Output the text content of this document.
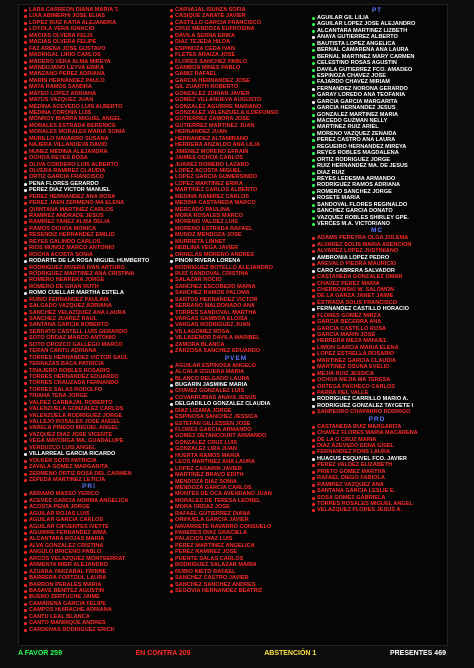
LARA CARREON DIANA MARIA T.
LIXA ABIMERHI JOSE ELIAS
LOPEZ RUIZ KATIA ALEJANDRA
LOYOLA VERA IGNACIO
MACIAS OLVERA FELIX
MACIAS OLVERA FELIPE
FAZ ARENA JOSE GUSTAVO
MADRIGAL LIRIO CARLOS
MADERO VERA ALMA MIREYA
MANDUJANO LEYVA ERIKA
MANZANO PEREZ ADRIANA
MARIN HERNANDEZ PAULO
MATA RAMOS SANDRA
MATEO LOPEZ ADRIANA
MATUS VAZQUEZ JUAN
MEDINA ACEVEDO LUIS ALBERTO
MEDINA CORONA LUIS
MONROY IBARRA MIGUEL ANGEL
MORALES ESTRADA BERENICE
MORALES MORALES MARIA SONIA
MURILLO NAVARRO SUSANA
NAJERA VILLANUEVA DAVID
NUNEZ MEDINA ALEJANDRA
OCHOA REYES ROSA
OLIVA CORDERO LUIS ALBERTO
OLVERA RAMIREZ CLAUDIA
ORTIZ GARCIA FRANCISCO
PENA FLORES GERARDO
PEREZ DIAZ VICTOR MANUEL
PEREZ HERNANDEZ ANA ROSA
PEREZ JAEN ZERMENO MA ELENA
QUINTANA MARTINEZ CARLOS
RAMIREZ ANDRADE JESUS
RAMIREZ YANEZ ALMA DELIA
RAMOS OCHOA MONICA
RESENDIZ HERNANDEZ EMILIO
REYES GALINDO CARLOS
RIOS MUNOZ MARCO ANTONIO
ROCHA ACOSTA SONIA
RODARTE DE LA ROSA MIGUEL HUMBERTO
RODRIGUEZ RIVERA IVAN ARTURO
RODRIGUEZ MARTINEZ ANA CRISTINA
ROMERO HERRERA JORGE
ROMERO DE GRAN RUTH
ROMO CUELLAR MARTHA ESTELA
RUBIO FERNANDEZ PAULINA
SALGADO VAZQUEZ ADRIANA
SANCHEZ VELAZQUEZ ANA LAURA
SANCHEZ JUAREZ RAUL
SANTANA GARCIA ROBERTO
SERRATO CASTELL LUIS GERARDO
SOTO ORDAZ MARCO ANTONIO
SOTO OROZCO GALLEGO MARCO
TERAN CANTU ADRIANA
TORRES HERNANDEZ VICTOR SAUL
TERRAZAS BACA PATRICIA
TINAJERO ROBLES ROSARIO
TORRES HERNANDEZ EDUARDO
TORRES CRAUZADA FERNANDO
TORRES SALAS RODOLFO
TRIANA TENA JORGE
VALDEZ CARBAJAL ROBERTO
VALENZUELA GONZALEZ CARLOS
VALENZUELA RODRIGUEZ JORGE
VALLEJO ROSALES JOSE ANGEL
VARELA PINEDO MIGUEL ANGEL
VAZQUEZ DIAZ JOSE VICENTE
VEGA MAYORGA MA. GUADALUPE
VERDUZCO LUIS ANGEL
VILLARREAL GARCIA RICARDO
VOLKER SOTO PATRICIA
ZAVALA GOMEZ MARGARITA
ZERMENO ORTIZ ROSA DEL CARMEN
ZEPEDA MARTINEZ LETICIA
PRI
ABRAMO MASSO YERICO
ACEVES GARCIA NORMA ANGELICA
ACOSTA PENA JORGE
AGUILAR ROJAS LUIS
AGUILAR GARCIA CARLOS
AGUILAR CIFUENTES IVETTE
AGUIRRE FERNANDEZ IRMA
ALCANTARA ROJAS MARIA
ALVA GONZALEZ CRISTINA
ANGULO BRICENO PABLO
ARCOS VELAZQUEZ MONTSERRAT
ARMENTA MIER ALEJANDRO
AZUARA YARZABAL FRINNE
BARRERA FORTOUL LAURA
BARRON PERALES MARIA
BASAVE BENITEZ AGUSTIN
BUENO ZERTUCHE JAIME
CAMARENA GARCIA FELIPE
CAMPOS HUIRACHE ADRIANA
CANTU LEAL BLANCA
CANTO MANRIQUE ANDRES
CARDENAS RODRIGUEZ ERICK
CARVAJAL ISUNZA SOFIA
CASIQUE ZARATE JAVIER
CASTILLO GARCIA FRANCISCO
CRUZ MENDOZA EUFROSINA
DAVILA SERNA ERIKA
DIAZ TEJEDA HILDA
ESPINOZA CEDA IVAN
FLETES ARAIZA JOSE
FLORES SANCHEZ PABLO
GAMBOA MINES PABLO
GAMIZ RAFAEL
GARCIA HERNANDEZ JOSE
GIL ZUARTH ROBERTO
GONZALEZ ZURIAN JAVIER
GOMEZ VILLANUEVA AUGUSTO
GONZALEZ AGUIRRE MARIANO
GONZALEZ VALENZUELA ILDEFONSO
GUTIERREZ ZAMORA JOSE
GUTIERREZ MARTINEZ JUAN
HERNANDEZ JUAN
HERNANDEZ ALTAMIRANO
HERRERA ANZALDO ANA LILIA
JIMENEZ MORENO EFRAIN
JAIMES OCHOA CARLOS
JUAREZ ROMERO LAZARO
LOPEZ ACOSTA MIGUEL
LOPEZ GARCIA GUMERSINDO
LOPEZ MARTINEZ ERIKA
MARTINEZ CARLOS ALBERTO
MEDINA RAMIREZ CARLOS
MEDINA CASTANEDA MARCO
MERCADO PAULINA
MORA ROSALES MARCO
MORENO VALDEZ LUIS
MORENO ESTRADA RAFAEL
MUNOZ MENDOZA JOSE
MURRIETA LINNET
NEBLINA VEGA JAVIER
ORNELAS MORENO ANDRES
PINON RIVERA LORENA
RODRIGUEZ BOTELLO ALEJANDRO
RUIZ SANDOVAL CRISTINA
SALAZAR ROCIO
SANCHEZ ESCOBEDO MARIA
SANCHEZ RAMOS PALOMA
SANTOS HERNANDEZ VICTOR
SERRANO MALDONADO ANA
TORRES SANDOVAL MARTHA
VARGAS GAMBOA ELOISA
VARGAS RODRIGUEZ JUAN
VILLAGOMEZ ROSA
VILLASENOR DAVILA MARIBEL
ZAMORA BLANCA
ZARZOSA SANCHEZ EDUARDO
PVEM
AGUILAR ESPINOSA ANGELO
ALCALA IZGUERA MARIA
BLANCO DELGADO LAURA
BUGARIN JASMINE MARIA
CHAVEZ GONZALEZ LUIS
COVARRUBIAS ANAYA JESUS
DELGADILLO GONZALEZ CLAUDIA
DIAZ LIZAMA JORGE
ESPINOSA SANCHEZ JESSICA
ESTEFAN GILLESSEN JOSE
FLORES GARCIA ARMANDO
GOMEZ DETANCOURT ARMANDO
GONZALEZ CRUZ LUIS
GONZALEZ LIRA JUAN
HUERTA RAMOS MARIA
LEOS MARTINEZ ANA LAURA
LOPEZ CASARIN JAVIER
MARTINEZ BRAVO EDITH
MENDOZA DIAZ SONIA
MENDOZA GARCIA CARLOS
MONTES DE OCA AVENDANO JUAN
MORALES DE TERESA LEONEL
MORA ORDAZ JOSE
RAFAEL GUTIERREZ DIANA
ORIHUELA GARCIA JAVIER
NAVARRETE NAVARRO CONSUELO
PAREDES DIAZ GRACIELA
PALACIOS DIAZ LUIS
PEREZ MARTINEZ ANGELICA
PEREZ RAMIREZ JOSE
PUENTE SALAS CARLOS
RODRIGUEZ SALAZAR MARIA
RUBIO NIETO RAFAEL
SANCHEZ CASTRO JAVIER
SANCHEZ SANCHEZ ANDRES
SEGOVIA HERNANDEZ BEATRIZ
PT
AGUILAR GIL LILIA
AGUILAR LOPEZ JOSE ALEJANDRO
ALCANTARA MARTINEZ LIZBETH
ANAYA GUTIERREZ ALBERTO
BAUTISTA LOPEZ ANGELICA
BERNAL CAMARENA ANA LAURA
BERNAL MARTINEZ MARY CARMEN
CELESTINO ROSAS AGUSTIN
DAVILA GUTIERREZ FCO. AMADEO
ESPINOZA CHAVEZ JOSE
FAJARDO CHAVEZ MIRIAM
FERNANDEZ NORONA GERARDO
GARAY LOREDO ANA TEOFANIA
GARCIA GARCIA MARGARITA
GARCIA HERNANDEZ JESUS
GONZALEZ MARTINEZ MARIA
MACEDO GUZMAN NELLY
MARTINEZ RUIZ ARIEL
MORENO VAZQUEZ ZENAIDA
PEREZ CASTRO ANA LAURA
REGUEIRO HERNANDEZ MIREYA
REYES ROBLES MAGDALENA
ORTIZ RODRIGUEZ JORGE
RUIZ HERNANDEZ MA. DE JESUS
DIAZ RUIZ
REYES LEDESMA ARMANDO
RODRIGUEZ RAMOS ADRIANA
ROMERO SANCHEZ JORGE
ROSETE MARIA
SANDOVAL FLORES REGINALDO
SANCHEZ GARCIA DONATO
VAZQUEZ ROBLES SHIRLEY GPE.
VERCES M.A. VICTORIANO
MC
ADAMS PEREYRA OLGA ZULEMA
ALVAREZ SOLIS MARIA ASENCION
ALVAREZ LOPEZ JUSTINIANO
AMBRONIA LOPEZ PEDRO
AREVALO PIEDRA MAURICIO
CARO CABRERA SALVADOR
CASTANEDA GONZALEZ OMAR
CHAVEZ PEREZ MARIA
CHERBOWSKI W. SALOMON
DE LA GARZA JANET JAIME
ESTRADA SOLIS FRANCISCO
FERNANDEZ CASTILLO HORACIO
FLORES GOMEZ MIRZA
GARCIA BECERRA ANA
GARCIA CASTILLO ROSA
GARCIA MARIN JOSE
HERRERA MEZA MANUEL
LIMON GARCIA MARIA ELENA
LOPEZ ESTRELLA ROSARIO
MARTINEZ GARCIA CLAUDIA
MARTINEZ OSUNA EVELIO
MEJIA RUIZ JESSICA
OCHOA MEJIA MA TERESA
ORTEGA PACHECO CARLOS
PARRA DEL VALLE
RODRIGUEZ CARRILLO MARIO A.
RODRIGUEZ GONZALEZ TAYGETE I
SANPEDRO CHAPARRO RODRIGO
PRD
CASTANEDA RUIZ MARGARITA
CHAVEZ FLORES MARIA MACARENA
DE LA O CRUZ MARIA
DIAZ AZEVEDO EDNA GISEL
FERNANDEZ PONS LAURA
HUACUS ESQUIVEL FCO. JAVIER
PEREZ VALDEZ ELIZABETH
PRIETO GOMEZ MARTHA
RAFAEL DIEGO FABIOLA
RAMIREZ VAZQUEZ ANA
SANTANA GARCIA LESLIE E.
SOSA GOMEZ GABRIELA
TORRES ROSALES MIGUEL ANGEL
VELAZQUEZ FLORES JESUS A.
A FAVOR 259	EN CONTRA 209	ABSTENCIÓN 1	PRESENTES 469
